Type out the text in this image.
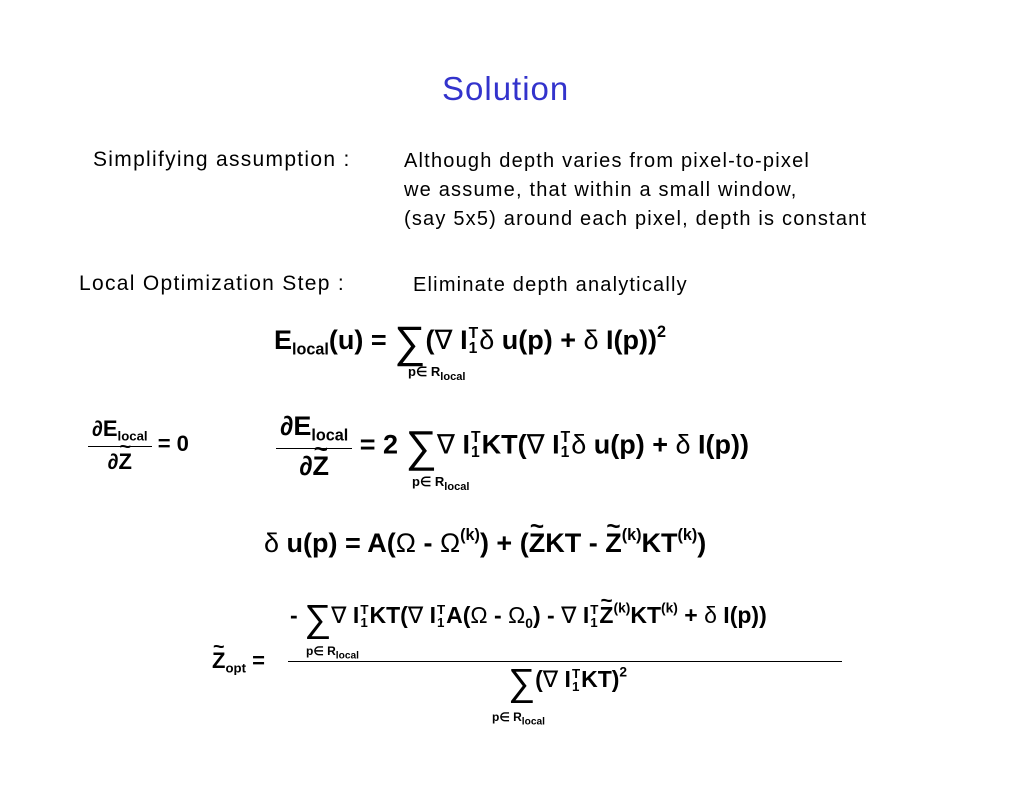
Solution
Simplifying assumption :	Although depth varies from pixel-to-pixel
we assume, that within a small window,
(say 5x5) around each pixel, depth is constant
Local Optimization Step :	Eliminate depth analytically
$E_{local}(u)$ = ∑(∇ I T
1 δ u(p) + δ I(p))$^2$
p∈ Rlocal
$\frac{\partial E_{local}}{\partial\sim Z} = 0$	$\frac{\partial E_{local}}{\partial\sim Z} = 2$ ∑∇ I T
1 KT(∇ I T
1 δ u(p) + δ I(p))
p∈ Rlocal
δ $u(p) = A(\Omega - \Omega^{(k)})$ + (~ ZKT - ~ $Z^{(k)}KT^{(k)}$)
~ $Z_{opt}$ =
- ∑∇ I T
1 KT(∇ I T
1 $A(\Omega - \Omega_0)$ - ∇ I T
1
~ $Z^{(k)}KT^{(k)} + \delta$ I(p))
p∈ $R_{local}$
∑(∇ I T
1 KT)$^2$
p∈ $R_{local}$
